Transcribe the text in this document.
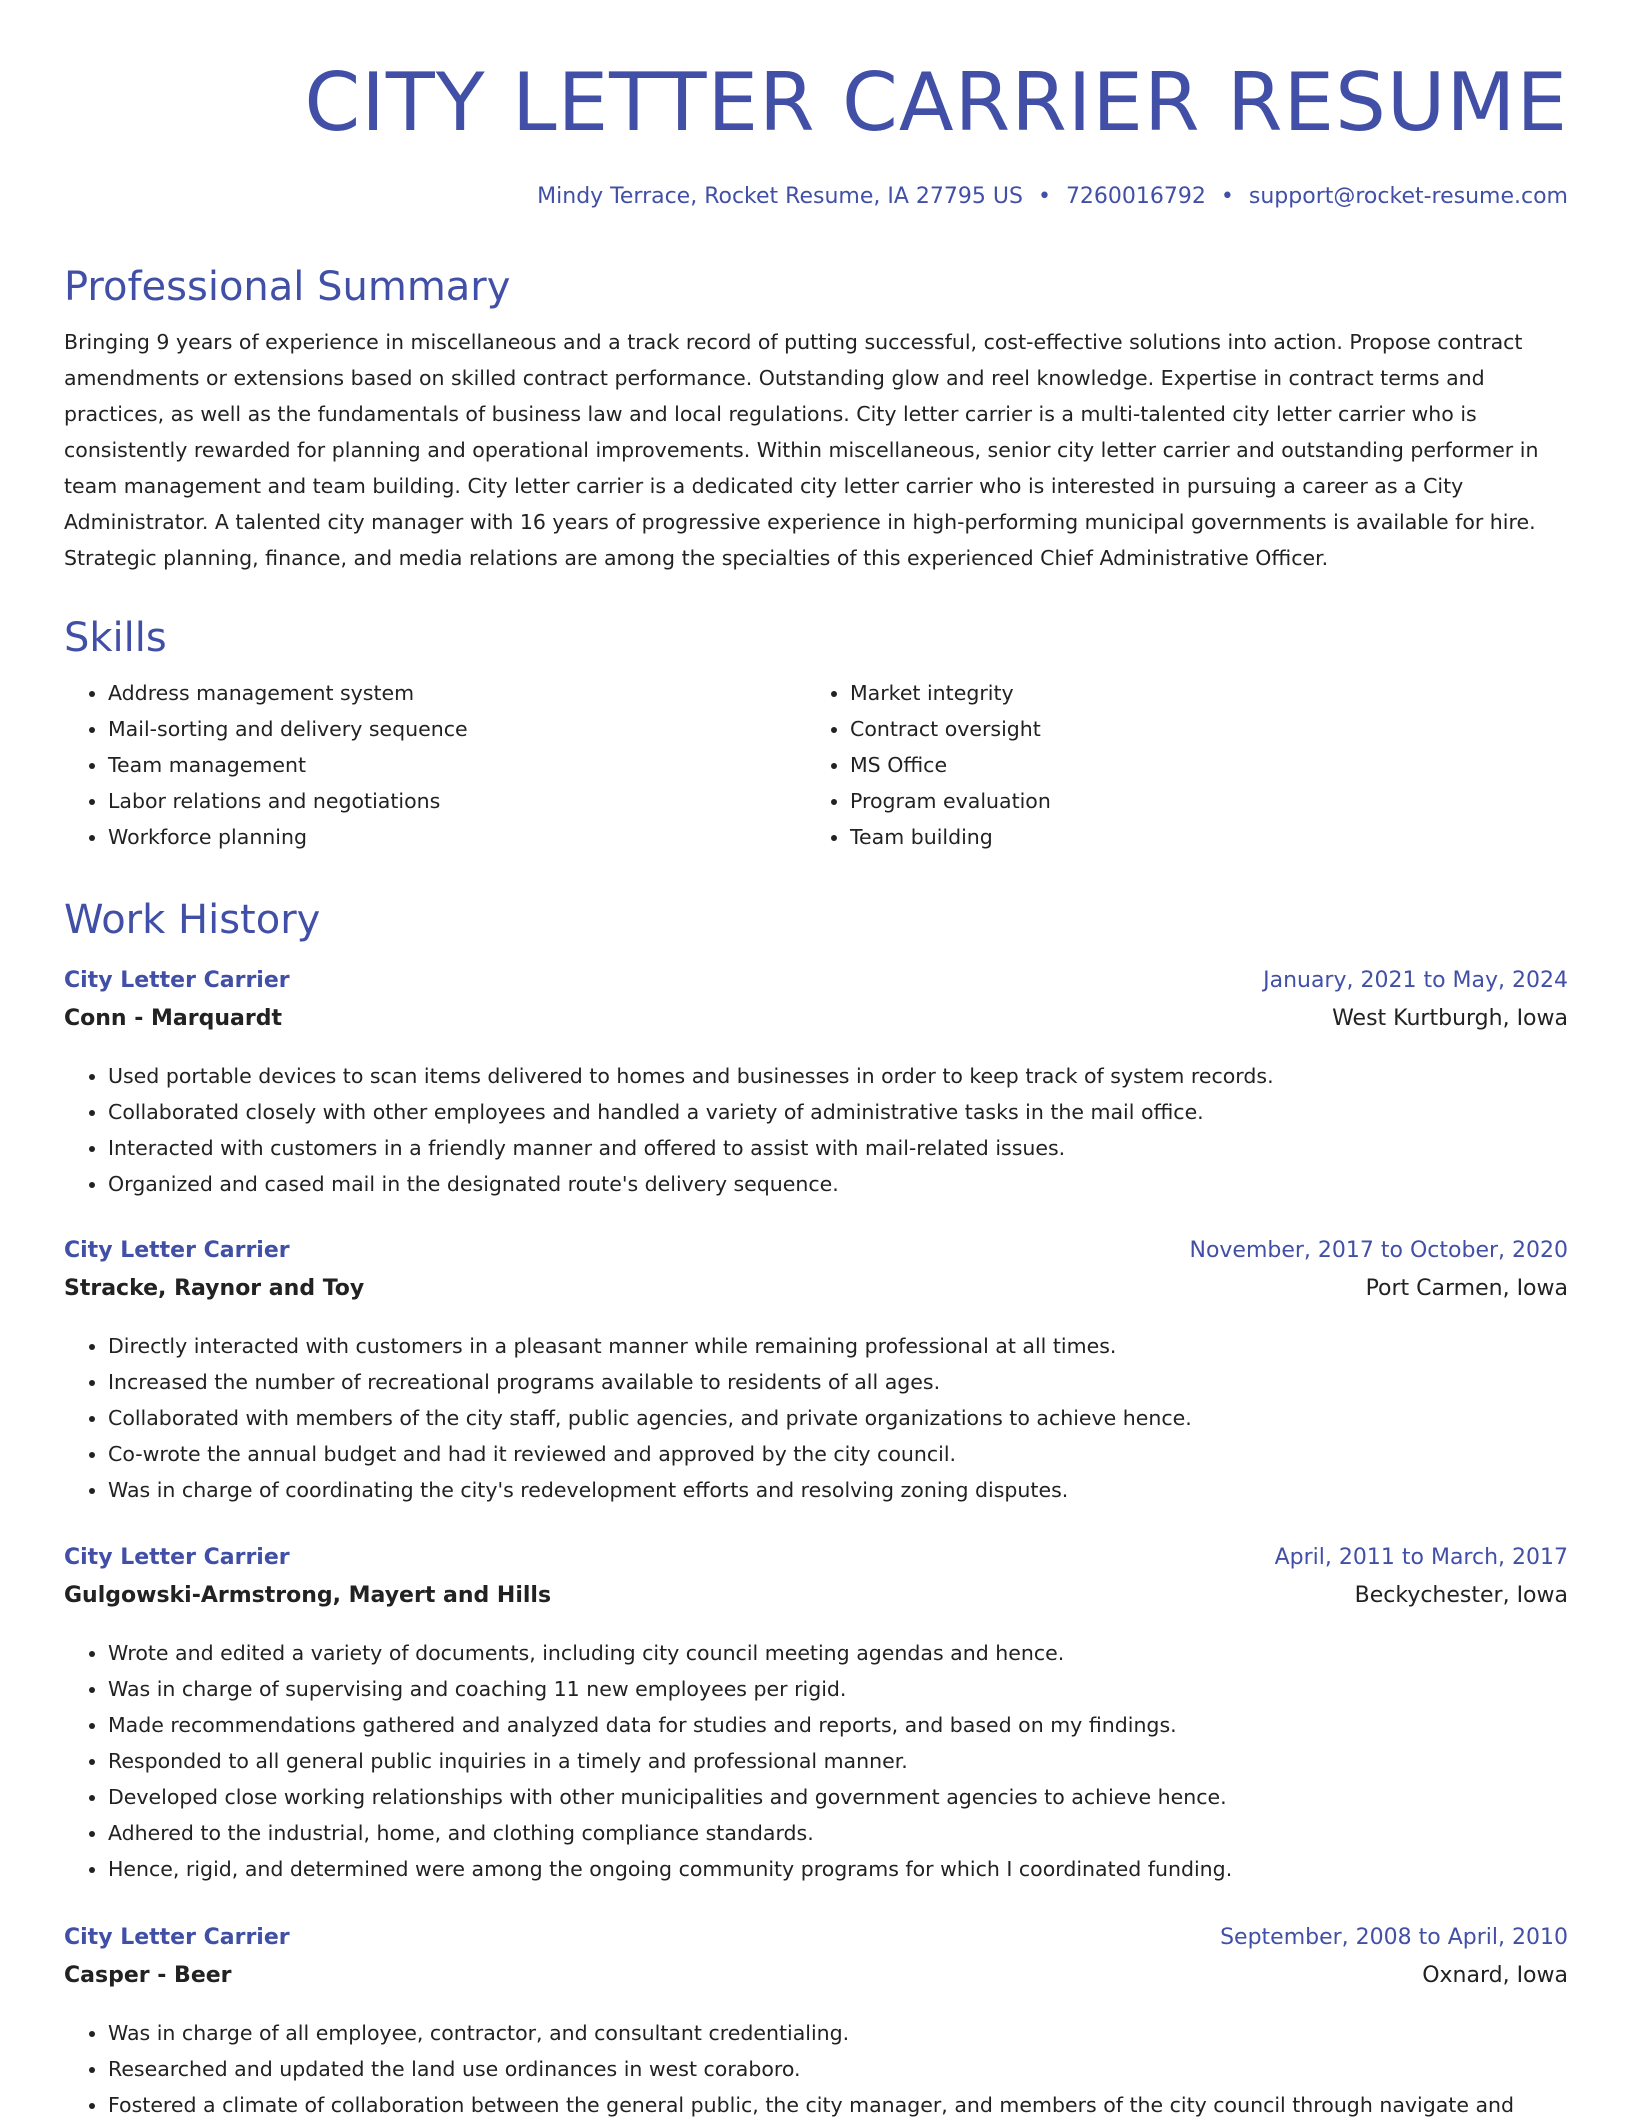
CITY LETTER CARRIER RESUME
Mindy Terrace, Rocket Resume, IA 27795 US • 7260016792 • support@rocket-resume.com
Professional Summary

Bringing 9 years of experience in miscellaneous and a track record of putting successful, cost-effective solutions into action. Propose contract amendments or extensions based on skilled contract performance. Outstanding glow and reel knowledge. Expertise in contract terms and practices, as well as the fundamentals of business law and local regulations. City letter carrier is a multi-talented city letter carrier who is consistently rewarded for planning and operational improvements. Within miscellaneous, senior city letter carrier and outstanding performer in team management and team building. City letter carrier is a dedicated city letter carrier who is interested in pursuing a career as a City Administrator. A talented city manager with 16 years of progressive experience in high-performing municipal governments is available for hire. Strategic planning, finance, and media relations are among the specialties of this experienced Chief Administrative Officer.

Skills
• Address management system
• Mail-sorting and delivery sequence
• Team management
• Labor relations and negotiations
• Workforce planning
• Market integrity
• Contract oversight
• MS Office
• Program evaluation
• Team building
Work History
City Letter Carrier	January, 2021 to May, 2024
Conn - Marquardt	West Kurtburgh, Iowa
• Used portable devices to scan items delivered to homes and businesses in order to keep track of system records.
• Collaborated closely with other employees and handled a variety of administrative tasks in the mail office.
• Interacted with customers in a friendly manner and offered to assist with mail-related issues.
• Organized and cased mail in the designated route's delivery sequence.
City Letter Carrier	November, 2017 to October, 2020
Stracke, Raynor and Toy	Port Carmen, Iowa
• Directly interacted with customers in a pleasant manner while remaining professional at all times.
• Increased the number of recreational programs available to residents of all ages.
• Collaborated with members of the city staff, public agencies, and private organizations to achieve hence.
• Co-wrote the annual budget and had it reviewed and approved by the city council.
• Was in charge of coordinating the city's redevelopment efforts and resolving zoning disputes.
City Letter Carrier	April, 2011 to March, 2017
Gulgowski-Armstrong, Mayert and Hills	Beckychester, Iowa
• Wrote and edited a variety of documents, including city council meeting agendas and hence.
• Was in charge of supervising and coaching 11 new employees per rigid.
• Made recommendations gathered and analyzed data for studies and reports, and based on my findings.
• Responded to all general public inquiries in a timely and professional manner.
• Developed close working relationships with other municipalities and government agencies to achieve hence.
• Adhered to the industrial, home, and clothing compliance standards.
• Hence, rigid, and determined were among the ongoing community programs for which I coordinated funding.
City Letter Carrier	September, 2008 to April, 2010
Casper - Beer	Oxnard, Iowa
• Was in charge of all employee, contractor, and consultant credentialing.
• Researched and updated the land use ordinances in west coraboro.
• Fostered a climate of collaboration between the general public, the city manager, and members of the city council through navigate and
